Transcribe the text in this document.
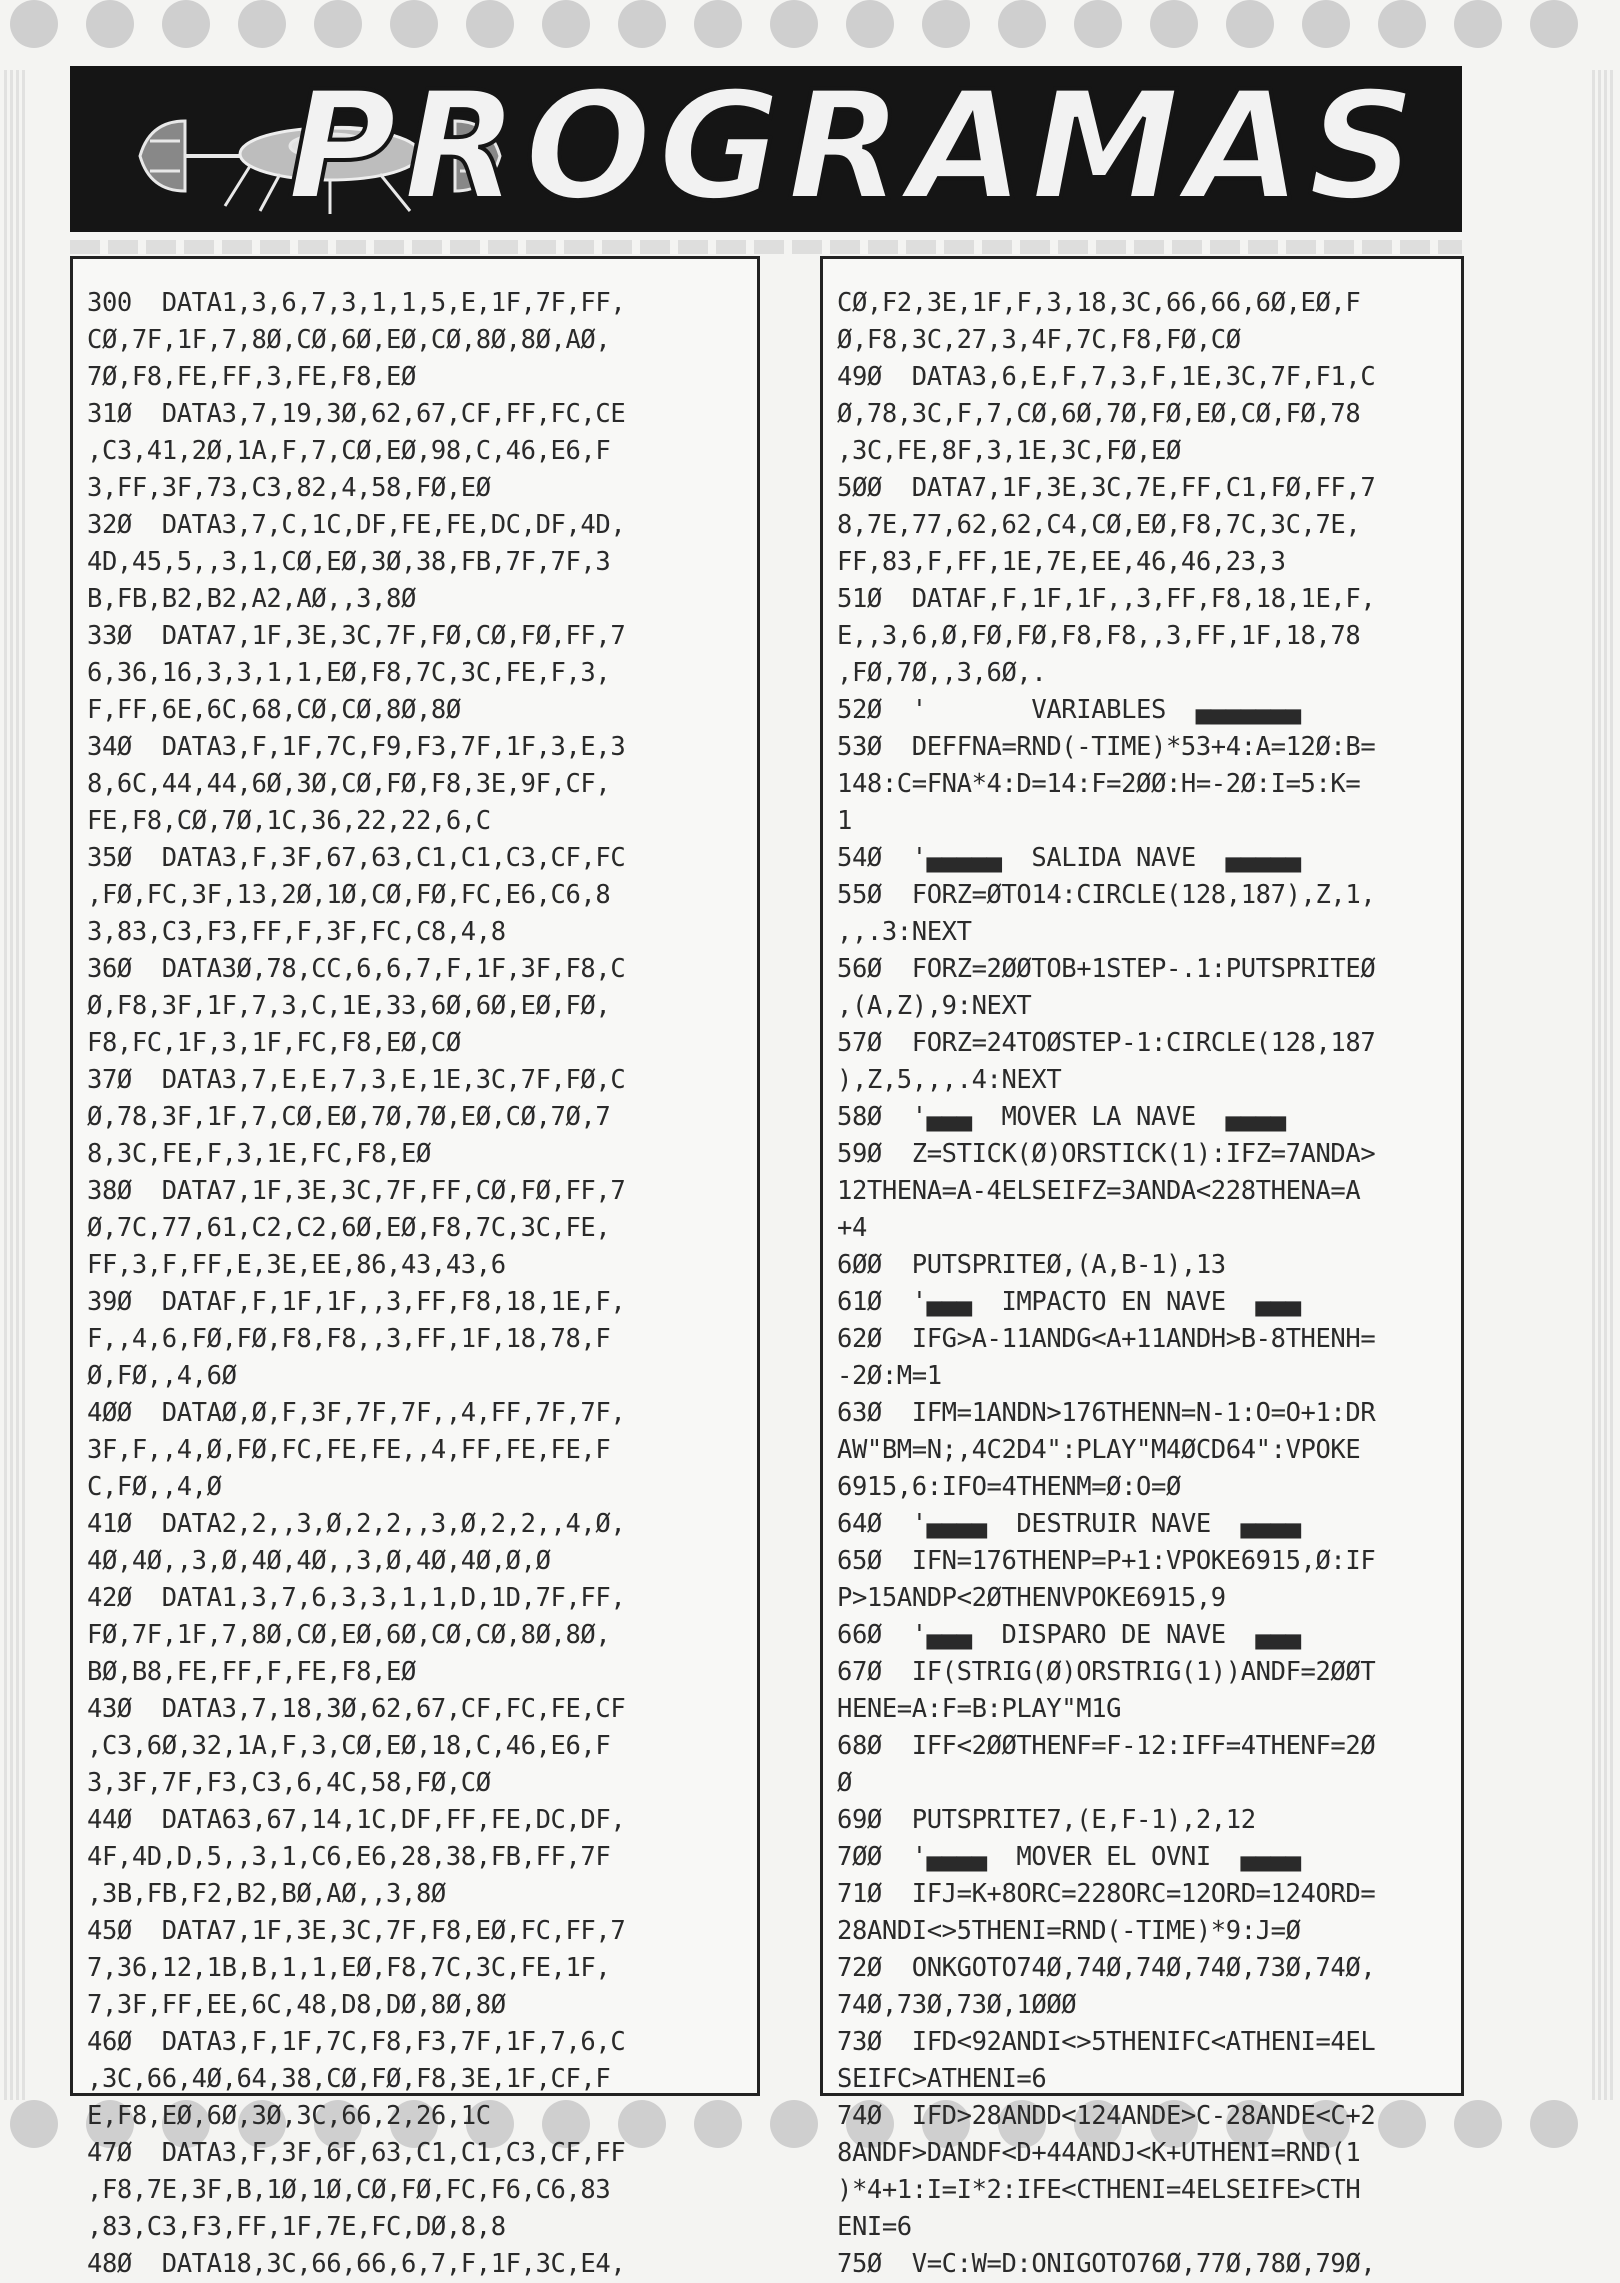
PROGRAMAS
300  DATA1,3,6,7,3,1,1,5,E,1F,7F,FF,
CØ,7F,1F,7,8Ø,CØ,6Ø,EØ,CØ,8Ø,8Ø,AØ,
7Ø,F8,FE,FF,3,FE,F8,EØ
31Ø  DATA3,7,19,3Ø,62,67,CF,FF,FC,CE
,C3,41,2Ø,1A,F,7,CØ,EØ,98,C,46,E6,F
3,FF,3F,73,C3,82,4,58,FØ,EØ
32Ø  DATA3,7,C,1C,DF,FE,FE,DC,DF,4D,
4D,45,5,,3,1,CØ,EØ,3Ø,38,FB,7F,7F,3
B,FB,B2,B2,A2,AØ,,3,8Ø
33Ø  DATA7,1F,3E,3C,7F,FØ,CØ,FØ,FF,7
6,36,16,3,3,1,1,EØ,F8,7C,3C,FE,F,3,
F,FF,6E,6C,68,CØ,CØ,8Ø,8Ø
34Ø  DATA3,F,1F,7C,F9,F3,7F,1F,3,E,3
8,6C,44,44,6Ø,3Ø,CØ,FØ,F8,3E,9F,CF,
FE,F8,CØ,7Ø,1C,36,22,22,6,C
35Ø  DATA3,F,3F,67,63,C1,C1,C3,CF,FC
,FØ,FC,3F,13,2Ø,1Ø,CØ,FØ,FC,E6,C6,8
3,83,C3,F3,FF,F,3F,FC,C8,4,8
36Ø  DATA3Ø,78,CC,6,6,7,F,1F,3F,F8,C
Ø,F8,3F,1F,7,3,C,1E,33,6Ø,6Ø,EØ,FØ,
F8,FC,1F,3,1F,FC,F8,EØ,CØ
37Ø  DATA3,7,E,E,7,3,E,1E,3C,7F,FØ,C
Ø,78,3F,1F,7,CØ,EØ,7Ø,7Ø,EØ,CØ,7Ø,7
8,3C,FE,F,3,1E,FC,F8,EØ
38Ø  DATA7,1F,3E,3C,7F,FF,CØ,FØ,FF,7
Ø,7C,77,61,C2,C2,6Ø,EØ,F8,7C,3C,FE,
FF,3,F,FF,E,3E,EE,86,43,43,6
39Ø  DATAF,F,1F,1F,,3,FF,F8,18,1E,F,
F,,4,6,FØ,FØ,F8,F8,,3,FF,1F,18,78,F
Ø,FØ,,4,6Ø
4ØØ  DATAØ,Ø,F,3F,7F,7F,,4,FF,7F,7F,
3F,F,,4,Ø,FØ,FC,FE,FE,,4,FF,FE,FE,F
C,FØ,,4,Ø
41Ø  DATA2,2,,3,Ø,2,2,,3,Ø,2,2,,4,Ø,
4Ø,4Ø,,3,Ø,4Ø,4Ø,,3,Ø,4Ø,4Ø,Ø,Ø
42Ø  DATA1,3,7,6,3,3,1,1,D,1D,7F,FF,
FØ,7F,1F,7,8Ø,CØ,EØ,6Ø,CØ,CØ,8Ø,8Ø,
BØ,B8,FE,FF,F,FE,F8,EØ
43Ø  DATA3,7,18,3Ø,62,67,CF,FC,FE,CF
,C3,6Ø,32,1A,F,3,CØ,EØ,18,C,46,E6,F
3,3F,7F,F3,C3,6,4C,58,FØ,CØ
44Ø  DATA63,67,14,1C,DF,FF,FE,DC,DF,
4F,4D,D,5,,3,1,C6,E6,28,38,FB,FF,7F
,3B,FB,F2,B2,BØ,AØ,,3,8Ø
45Ø  DATA7,1F,3E,3C,7F,F8,EØ,FC,FF,7
7,36,12,1B,B,1,1,EØ,F8,7C,3C,FE,1F,
7,3F,FF,EE,6C,48,D8,DØ,8Ø,8Ø
46Ø  DATA3,F,1F,7C,F8,F3,7F,1F,7,6,C
,3C,66,4Ø,64,38,CØ,FØ,F8,3E,1F,CF,F
E,F8,EØ,6Ø,3Ø,3C,66,2,26,1C
47Ø  DATA3,F,3F,6F,63,C1,C1,C3,CF,FF
,F8,7E,3F,B,1Ø,1Ø,CØ,FØ,FC,F6,C6,83
,83,C3,F3,FF,1F,7E,FC,DØ,8,8
48Ø  DATA18,3C,66,66,6,7,F,1F,3C,E4,
CØ,F2,3E,1F,F,3,18,3C,66,66,6Ø,EØ,F
Ø,F8,3C,27,3,4F,7C,F8,FØ,CØ
49Ø  DATA3,6,E,F,7,3,F,1E,3C,7F,F1,C
Ø,78,3C,F,7,CØ,6Ø,7Ø,FØ,EØ,CØ,FØ,78
,3C,FE,8F,3,1E,3C,FØ,EØ
5ØØ  DATA7,1F,3E,3C,7E,FF,C1,FØ,FF,7
8,7E,77,62,62,C4,CØ,EØ,F8,7C,3C,7E,
FF,83,F,FF,1E,7E,EE,46,46,23,3
51Ø  DATAF,F,1F,1F,,3,FF,F8,18,1E,F,
E,,3,6,Ø,FØ,FØ,F8,F8,,3,FF,1F,18,78
,FØ,7Ø,,3,6Ø,.
52Ø  '       VARIABLES  ▄▄▄▄▄▄▄
53Ø  DEFFNA=RND(-TIME)*53+4:A=12Ø:B=
148:C=FNA*4:D=14:F=2ØØ:H=-2Ø:I=5:K=
1
54Ø  '▄▄▄▄▄  SALIDA NAVE  ▄▄▄▄▄
55Ø  FORZ=ØTO14:CIRCLE(128,187),Z,1,
,,.3:NEXT
56Ø  FORZ=2ØØTOB+1STEP-.1:PUTSPRITEØ
,(A,Z),9:NEXT
57Ø  FORZ=24TOØSTEP-1:CIRCLE(128,187
),Z,5,,,.4:NEXT
58Ø  '▄▄▄  MOVER LA NAVE  ▄▄▄▄
59Ø  Z=STICK(Ø)ORSTICK(1):IFZ=7ANDA>
12THENA=A-4ELSEIFZ=3ANDA<228THENA=A
+4
6ØØ  PUTSPRITEØ,(A,B-1),13
61Ø  '▄▄▄  IMPACTO EN NAVE  ▄▄▄
62Ø  IFG>A-11ANDG<A+11ANDH>B-8THENH=
-2Ø:M=1
63Ø  IFM=1ANDN>176THENN=N-1:O=O+1:DR
AW"BM=N;,4C2D4":PLAY"M4ØCD64":VPOKE
6915,6:IFO=4THENM=Ø:O=Ø
64Ø  '▄▄▄▄  DESTRUIR NAVE  ▄▄▄▄
65Ø  IFN=176THENP=P+1:VPOKE6915,Ø:IF
P>15ANDP<2ØTHENVPOKE6915,9
66Ø  '▄▄▄  DISPARO DE NAVE  ▄▄▄
67Ø  IF(STRIG(Ø)ORSTRIG(1))ANDF=2ØØT
HENE=A:F=B:PLAY"M1G
68Ø  IFF<2ØØTHENF=F-12:IFF=4THENF=2Ø
Ø
69Ø  PUTSPRITE7,(E,F-1),2,12
7ØØ  '▄▄▄▄  MOVER EL OVNI  ▄▄▄▄
71Ø  IFJ=K+8ORC=228ORC=12ORD=124ORD=
28ANDI<>5THENI=RND(-TIME)*9:J=Ø
72Ø  ONKGOTO74Ø,74Ø,74Ø,74Ø,73Ø,74Ø,
74Ø,73Ø,73Ø,1ØØØ
73Ø  IFD<92ANDI<>5THENIFC<ATHENI=4EL
SEIFC>ATHENI=6
74Ø  IFD>28ANDD<124ANDE>C-28ANDE<C+2
8ANDF>DANDF<D+44ANDJ<K+UTHENI=RND(1
)*4+1:I=I*2:IFE<CTHENI=4ELSEIFE>CTH
ENI=6
75Ø  V=C:W=D:ONIGOTO76Ø,77Ø,78Ø,79Ø,
